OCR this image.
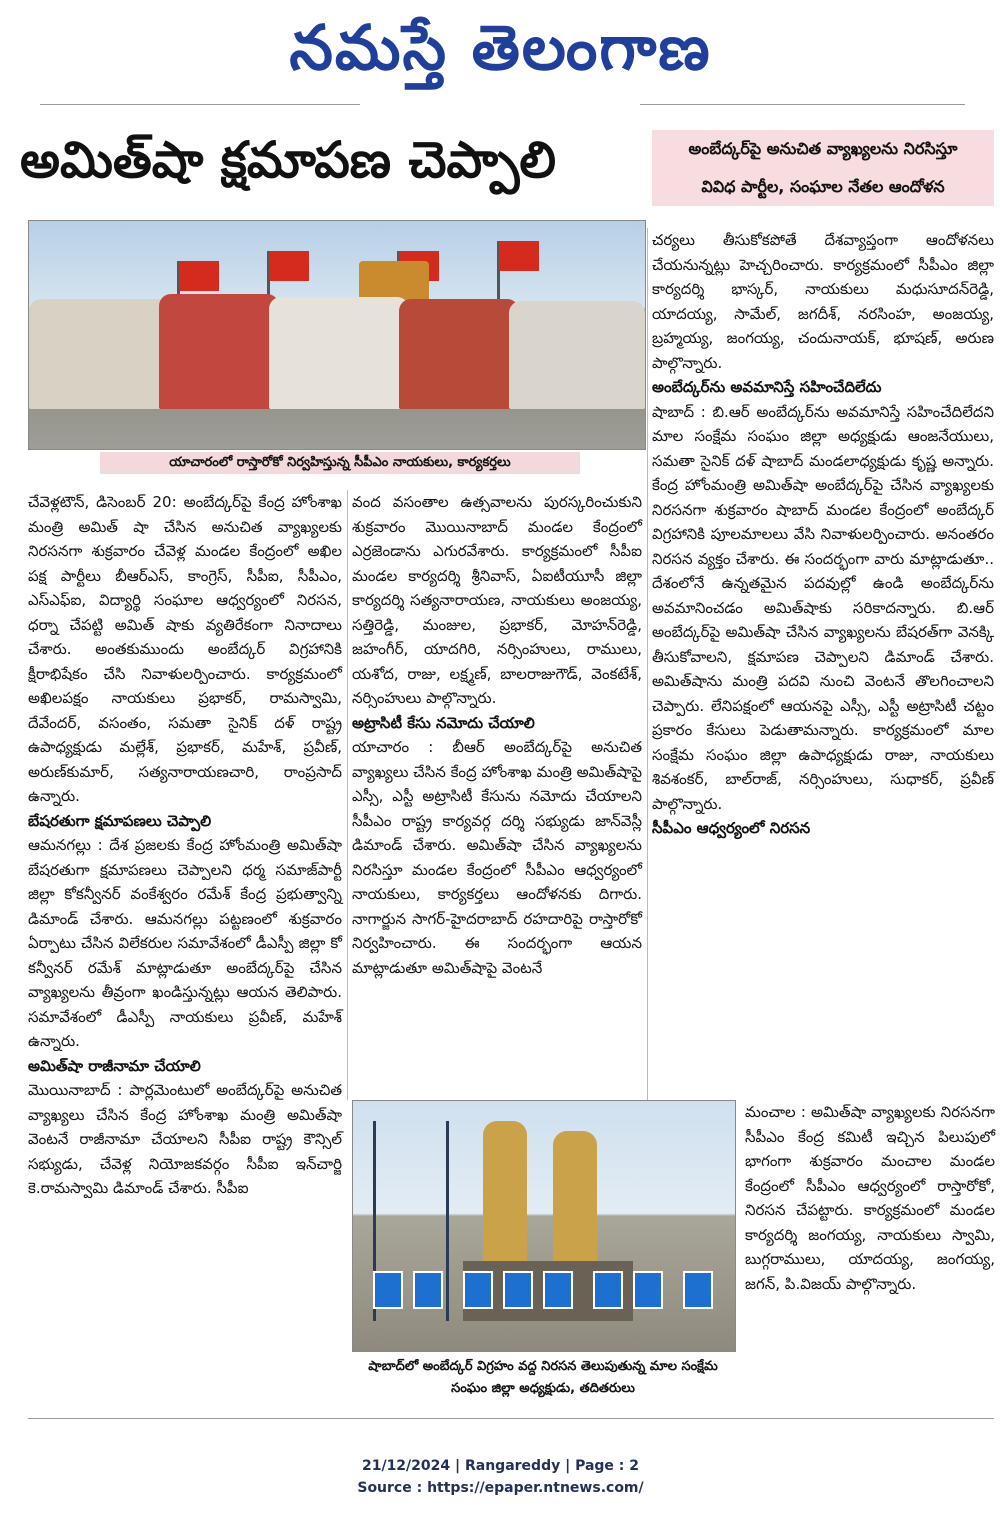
నమస్తే తెలంగాణ
అమిత్‌షా క్షమాపణ చెప్పాలి	అంబేద్కర్‌పై అనుచిత వ్యాఖ్యలను నిరసిస్తూ
వివిధ పార్టీల, సంఘాల నేతల ఆందోళన
యాచారంలో రాస్తారోకో నిర్వహిస్తున్న సీపీఎం నాయకులు, కార్యకర్తలు

చేవెళ్లటౌన్, డిసెంబర్ 20: అంబేద్కర్‌పై కేంద్ర హోంశాఖ మంత్రి అమిత్ షా చేసిన అనుచిత వ్యాఖ్యలకు నిరసనగా శుక్రవారం చేవెళ్ల మండల కేంద్రంలో అఖిల పక్ష పార్టీలు బీఆర్ఎస్, కాంగ్రెస్, సీపీఐ, సీపీఎం, ఎస్ఎఫ్ఐ, విద్యార్థి సంఘాల ఆధ్వర్యంలో నిరసన, ధర్నా చేపట్టి అమిత్ షాకు వ్యతిరేకంగా నినాదాలు చేశారు. అంతకుముందు అంబేద్కర్ విగ్రహానికి క్షీరాభిషేకం చేసి నివాళులర్పించారు. కార్యక్రమంలో అఖిలపక్షం నాయకులు ప్రభాకర్, రామస్వామి, దేవేందర్, వసంతం, సమతా సైనిక్ దళ్ రాష్ట్ర ఉపాధ్యక్షుడు మల్లేశ్, ప్రభాకర్, మహేశ్, ప్రవీణ్, అరుణ్‌కుమార్, సత్యనారాయణచారి, రాంప్రసాద్ ఉన్నారు.

బేషరతుగా క్షమాపణలు చెప్పాలి

ఆమనగల్లు : దేశ ప్రజలకు కేంద్ర హోంమంత్రి అమిత్‌షా బేషరతుగా క్షమాపణలు చెప్పాలని ధర్మ సమాజ్‌పార్టీ జిల్లా కోకన్వీనర్ వంకేశ్వరం రమేశ్ కేంద్ర ప్రభుత్వాన్ని డిమాండ్ చేశారు. ఆమనగల్లు పట్టణంలో శుక్రవారం ఏర్పాటు చేసిన విలేకరుల సమావేశంలో డీఎస్పీ జిల్లా కో కన్వీనర్ రమేశ్ మాట్లాడుతూ అంబేద్కర్‌పై చేసిన వ్యాఖ్యలను తీవ్రంగా ఖండిస్తున్నట్లు ఆయన తెలిపారు. సమావేశంలో డీఎస్పీ నాయకులు ప్రవీణ్, మహేశ్ ఉన్నారు.

అమిత్‌షా రాజీనామా చేయాలి

మొయినాబాద్ : పార్లమెంటులో అంబేద్కర్‌పై అనుచిత వ్యాఖ్యలు చేసిన కేంద్ర హోంశాఖ మంత్రి అమిత్‌షా వెంటనే రాజీనామా చేయాలని సీపీఐ రాష్ట్ర కౌన్సిల్ సభ్యుడు, చేవెళ్ల నియోజకవర్గం సీపీఐ ఇన్‌చార్జి కె.రామస్వామి డిమాండ్ చేశారు. సీపీఐ

వంద వసంతాల ఉత్సవాలను పురస్కరించుకుని శుక్రవారం మొయినాబాద్ మండల కేంద్రంలో ఎర్రజెండాను ఎగురవేశారు. కార్యక్రమంలో సీపీఐ మండల కార్యదర్శి శ్రీనివాస్, ఏఐటీయూసీ జిల్లా కార్యదర్శి సత్యనారాయణ, నాయకులు అంజయ్య, సత్తిరెడ్డి, మంజుల, ప్రభాకర్, మోహన్‌రెడ్డి, జహంగీర్, యాదగిరి, నర్సింహులు, రాములు, యశోద, రాజు, లక్ష్మణ్, బాలరాజుగౌడ్, వెంకటేశ్, నర్సింహులు పాల్గొన్నారు.

అట్రాసిటీ కేసు నమోదు చేయాలి

యాచారం : బీఆర్ అంబేద్కర్‌పై అనుచిత వ్యాఖ్యలు చేసిన కేంద్ర హోంశాఖ మంత్రి అమిత్‌షాపై ఎస్సీ, ఎస్టీ అట్రాసిటీ కేసును నమోదు చేయాలని సీపీఎం రాష్ట్ర కార్యవర్గ దర్శి సభ్యుడు జాన్‌వెస్లీ డిమాండ్ చేశారు. అమిత్‌షా చేసిన వ్యాఖ్యలను నిరసిస్తూ మండల కేంద్రంలో సీపీఎం ఆధ్వర్యంలో నాయకులు, కార్యకర్తలు ఆందోళనకు దిగారు. నాగార్జున సాగర్-హైదరాబాద్ రహదారిపై రాస్తారోకో నిర్వహించారు. ఈ సందర్భంగా ఆయన మాట్లాడుతూ అమిత్‌షాపై వెంటనే

చర్యలు తీసుకోకపోతే దేశవ్యాప్తంగా ఆందోళనలు చేయనున్నట్లు హెచ్చరించారు. కార్యక్రమంలో సీపీఎం జిల్లా కార్యదర్శి భాస్కర్, నాయకులు మధుసూదన్‌రెడ్డి, యాదయ్య, సామేల్, జగదీశ్, నరసింహ, అంజయ్య, బ్రహ్మయ్య, జంగయ్య, చందునాయక్, భూషణ్, అరుణ పాల్గొన్నారు.

అంబేద్కర్‌ను అవమానిస్తే సహించేదిలేదు

షాబాద్ : బి.ఆర్ అంబేద్కర్‌ను అవమానిస్తే సహించేదిలేదని మాల సంక్షేమ సంఘం జిల్లా అధ్యక్షుడు ఆంజనేయులు, సమతా సైనిక్ దళ్ షాబాద్ మండలాధ్యక్షుడు కృష్ణ అన్నారు. కేంద్ర హోంమంత్రి అమిత్‌షా అంబేద్కర్‌పై చేసిన వ్యాఖ్యలకు నిరసనగా శుక్రవారం షాబాద్ మండల కేంద్రంలో అంబేద్కర్ విగ్రహానికి పూలమాలలు వేసి నివాళులర్పించారు. అనంతరం నిరసన వ్యక్తం చేశారు. ఈ సందర్భంగా వారు మాట్లాడుతూ.. దేశంలోనే ఉన్నతమైన పదవుల్లో ఉండి అంబేద్కర్‌ను అవమానించడం అమిత్‌షాకు సరికాదన్నారు. బి.ఆర్ అంబేద్కర్‌పై అమిత్‌షా చేసిన వ్యాఖ్యలను బేషరత్‌గా వెనక్కి తీసుకోవాలని, క్షమాపణ చెప్పాలని డిమాండ్ చేశారు. అమిత్‌షాను మంత్రి పదవి నుంచి వెంటనే తొలగించాలని చెప్పారు. లేనిపక్షంలో ఆయనపై ఎస్సీ, ఎస్టీ అట్రాసిటీ చట్టం ప్రకారం కేసులు పెడుతామన్నారు. కార్యక్రమంలో మాల సంక్షేమ సంఘం జిల్లా ఉపాధ్యక్షుడు రాజు, నాయకులు శివశంకర్, బాల్‌రాజ్, నర్సింహులు, సుధాకర్, ప్రవీణ్ పాల్గొన్నారు.

సీపీఎం ఆధ్వర్యంలో నిరసన

షాబాద్‌లో అంబేద్కర్ విగ్రహం వద్ద నిరసన తెలుపుతున్న మాల సంక్షేమ సంఘం జిల్లా అధ్యక్షుడు, తదితరులు

మంచాల : అమిత్‌షా వ్యాఖ్యలకు నిరసనగా సీపీఎం కేంద్ర కమిటీ ఇచ్చిన పిలుపులో భాగంగా శుక్రవారం మంచాల మండల కేంద్రంలో సీపీఎం ఆధ్వర్యంలో రాస్తారోకో, నిరసన చేపట్టారు. కార్యక్రమంలో మండల కార్యదర్శి జంగయ్య, నాయకులు స్వామి, బుగ్గరాములు, యాదయ్య, జంగయ్య, జగన్, పి.విజయ్ పాల్గొన్నారు.

21/12/2024 | Rangareddy | Page : 2
Source : https://epaper.ntnews.com/
